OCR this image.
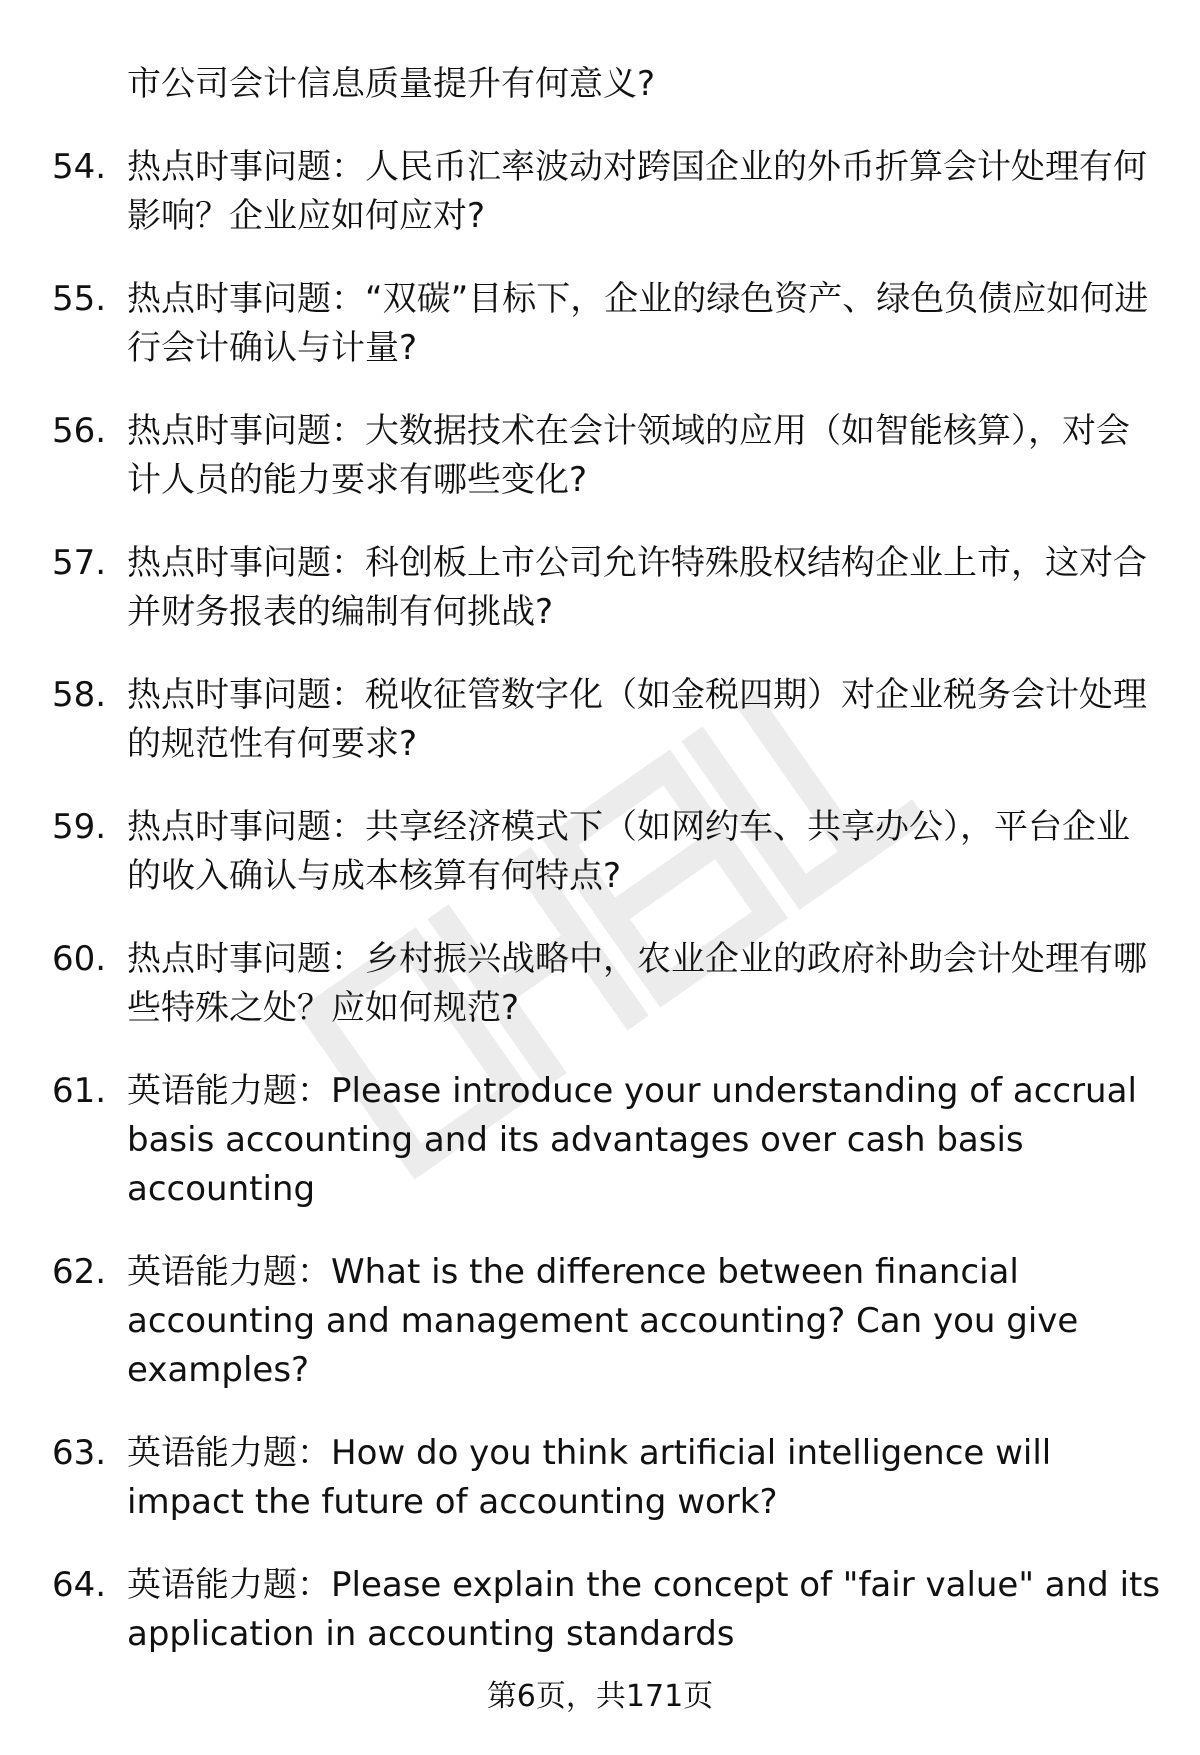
市公司会计信息质量提升有何意义?
54. 热点时事问题：人民币汇率波动对跨国企业的外币折算会计处理有何影响？企业应如何应对?
55. 热点时事问题：“双碳”目标下，企业的绿色资产、绿色负债应如何进行会计确认与计量?
56. 热点时事问题：大数据技术在会计领域的应用（如智能核算），对会计人员的能力要求有哪些变化?
57. 热点时事问题：科创板上市公司允许特殊股权结构企业上市，这对合并财务报表的编制有何挑战?
58. 热点时事问题：税收征管数字化（如金税四期）对企业税务会计处理的规范性有何要求?
59. 热点时事问题：共享经济模式下（如网约车、共享办公），平台企业的收入确认与成本核算有何特点?
60. 热点时事问题：乡村振兴战略中，农业企业的政府补助会计处理有哪些特殊之处？应如何规范?
61. 英语能力题：Please introduce your understanding of accrual basis accounting and its advantages over cash basis accounting
62. 英语能力题：What is the difference between financial accounting and management accounting? Can you give examples?
63. 英语能力题：How do you think artificial intelligence will impact the future of accounting work?
64. 英语能力题：Please explain the concept of "fair value" and its application in accounting standards
第6页，共171页
